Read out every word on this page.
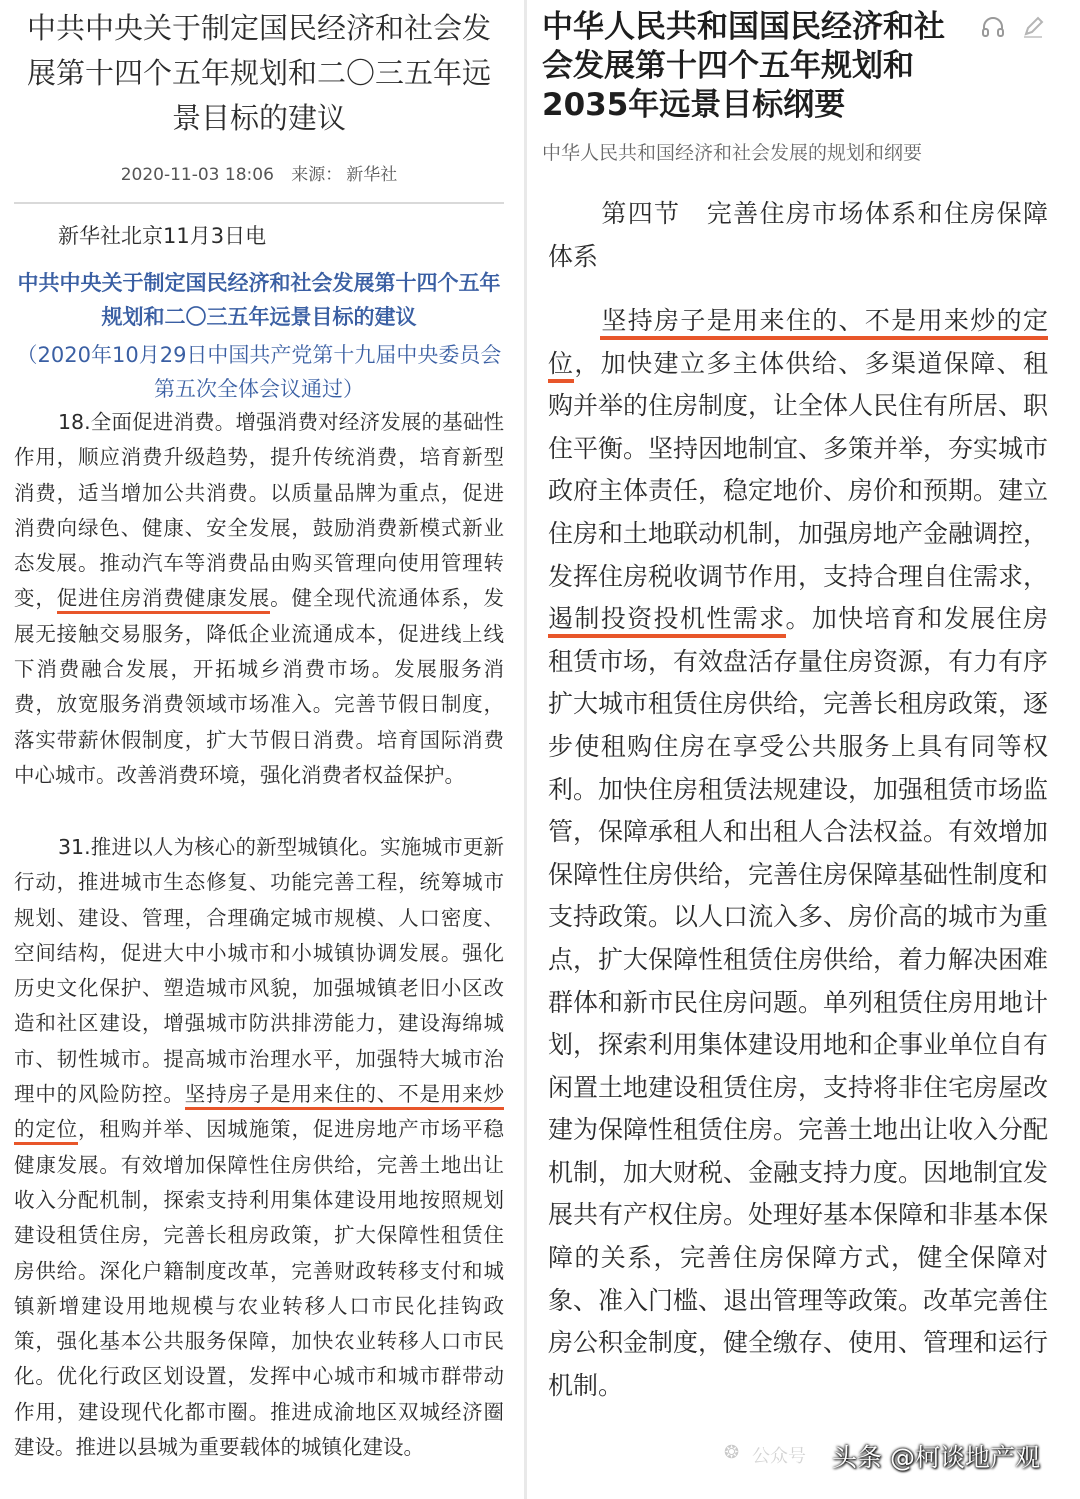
中共中央关于制定国民经济和社会发展第十四个五年规划和二〇三五年远景目标的建议
2020-11-03 18:06 来源： 新华社
新华社北京11月3日电
中共中央关于制定国民经济和社会发展第十四个五年规划和二〇三五年远景目标的建议
（2020年10月29日中国共产党第十九届中央委员会第五次全体会议通过）
18.全面促进消费。增强消费对经济发展的基础性作用，顺应消费升级趋势，提升传统消费，培育新型消费，适当增加公共消费。以质量品牌为重点，促进消费向绿色、健康、安全发展，鼓励消费新模式新业态发展。推动汽车等消费品由购买管理向使用管理转变，促进住房消费健康发展。健全现代流通体系，发展无接触交易服务，降低企业流通成本，促进线上线下消费融合发展，开拓城乡消费市场。发展服务消费，放宽服务消费领域市场准入。完善节假日制度，落实带薪休假制度，扩大节假日消费。培育国际消费中心城市。改善消费环境，强化消费者权益保护。
31.推进以人为核心的新型城镇化。实施城市更新行动，推进城市生态修复、功能完善工程，统筹城市规划、建设、管理，合理确定城市规模、人口密度、空间结构，促进大中小城市和小城镇协调发展。强化历史文化保护、塑造城市风貌，加强城镇老旧小区改造和社区建设，增强城市防洪排涝能力，建设海绵城市、韧性城市。提高城市治理水平，加强特大城市治理中的风险防控。坚持房子是用来住的、不是用来炒的定位，租购并举、因城施策，促进房地产市场平稳健康发展。有效增加保障性住房供给，完善土地出让收入分配机制，探索支持利用集体建设用地按照规划建设租赁住房，完善长租房政策，扩大保障性租赁住房供给。深化户籍制度改革，完善财政转移支付和城镇新增建设用地规模与农业转移人口市民化挂钩政策，强化基本公共服务保障，加快农业转移人口市民化。优化行政区划设置，发挥中心城市和城市群带动作用，建设现代化都市圈。推进成渝地区双城经济圈建设。推进以县城为重要载体的城镇化建设。
中华人民共和国国民经济和社会发展第十四个五年规划和2035年远景目标纲要
中华人民共和国经济和社会发展的规划和纲要
第四节　完善住房市场体系和住房保障体系
坚持房子是用来住的、不是用来炒的定位，加快建立多主体供给、多渠道保障、租购并举的住房制度，让全体人民住有所居、职住平衡。坚持因地制宜、多策并举，夯实城市政府主体责任，稳定地价、房价和预期。建立住房和土地联动机制，加强房地产金融调控，发挥住房税收调节作用，支持合理自住需求，遏制投资投机性需求。加快培育和发展住房租赁市场，有效盘活存量住房资源，有力有序扩大城市租赁住房供给，完善长租房政策，逐步使租购住房在享受公共服务上具有同等权利。加快住房租赁法规建设，加强租赁市场监管，保障承租人和出租人合法权益。有效增加保障性住房供给，完善住房保障基础性制度和支持政策。以人口流入多、房价高的城市为重点，扩大保障性租赁住房供给，着力解决困难群体和新市民住房问题。单列租赁住房用地计划，探索利用集体建设用地和企事业单位自有闲置土地建设租赁住房，支持将非住宅房屋改建为保障性租赁住房。完善土地出让收入分配机制，加大财税、金融支持力度。因地制宜发展共有产权住房。处理好基本保障和非基本保障的关系，完善住房保障方式，健全保障对象、准入门槛、退出管理等政策。改革完善住房公积金制度，健全缴存、使用、管理和运行机制。
❂ 公众号 头条 @柯谈地产观
